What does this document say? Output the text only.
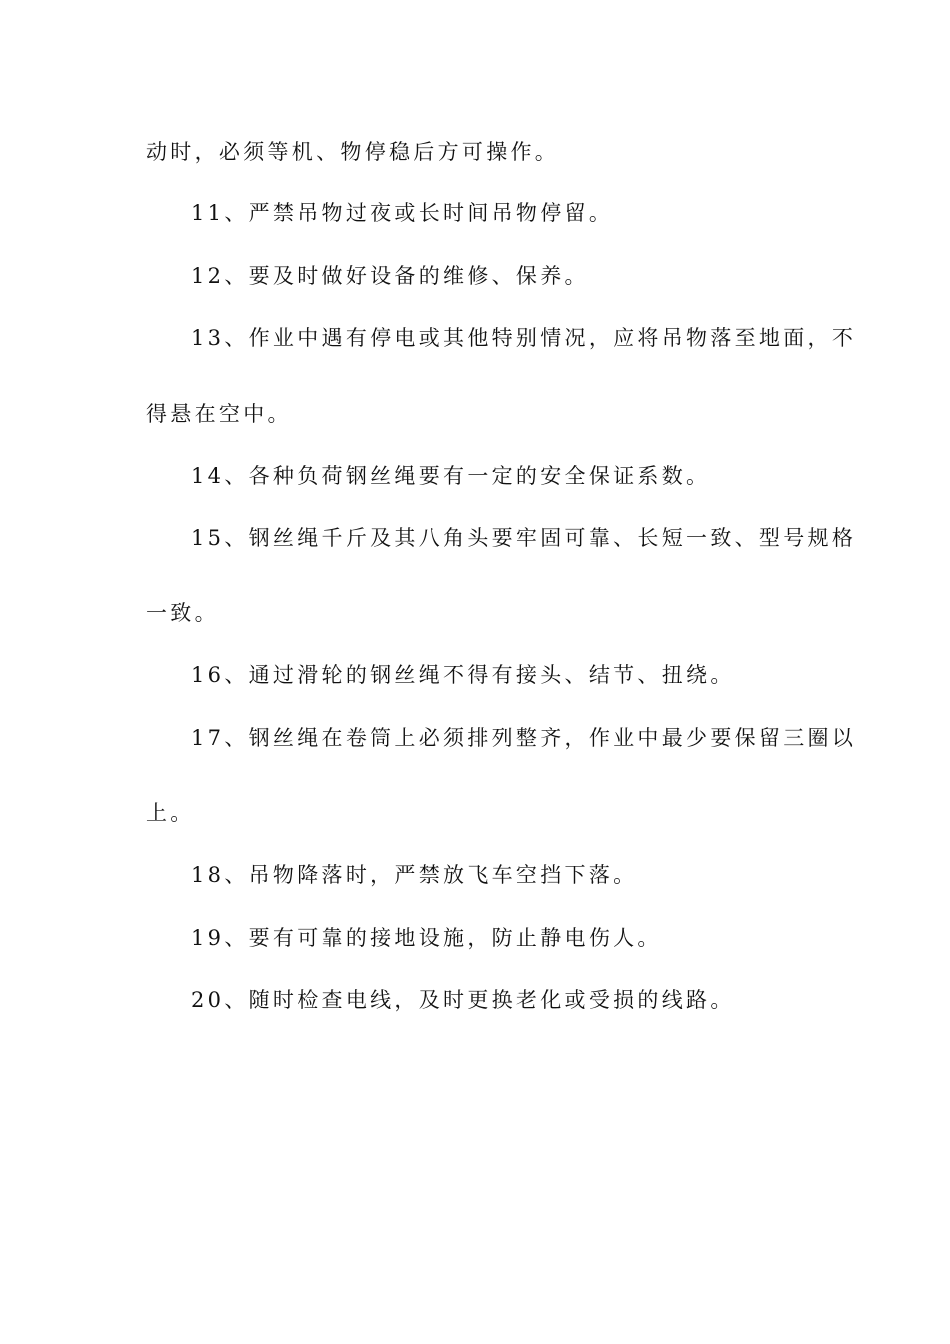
动时，必须等机、物停稳后方可操作。
11、严禁吊物过夜或长时间吊物停留。
12、要及时做好设备的维修、保养。
13、作业中遇有停电或其他特别情况，应将吊物落至地面，不
得悬在空中。
14、各种负荷钢丝绳要有一定的安全保证系数。
15、钢丝绳千斤及其八角头要牢固可靠、长短一致、型号规格
一致。
16、通过滑轮的钢丝绳不得有接头、结节、扭绕。
17、钢丝绳在卷筒上必须排列整齐，作业中最少要保留三圈以
上。
18、吊物降落时，严禁放飞车空挡下落。
19、要有可靠的接地设施，防止静电伤人。
20、随时检查电线，及时更换老化或受损的线路。
